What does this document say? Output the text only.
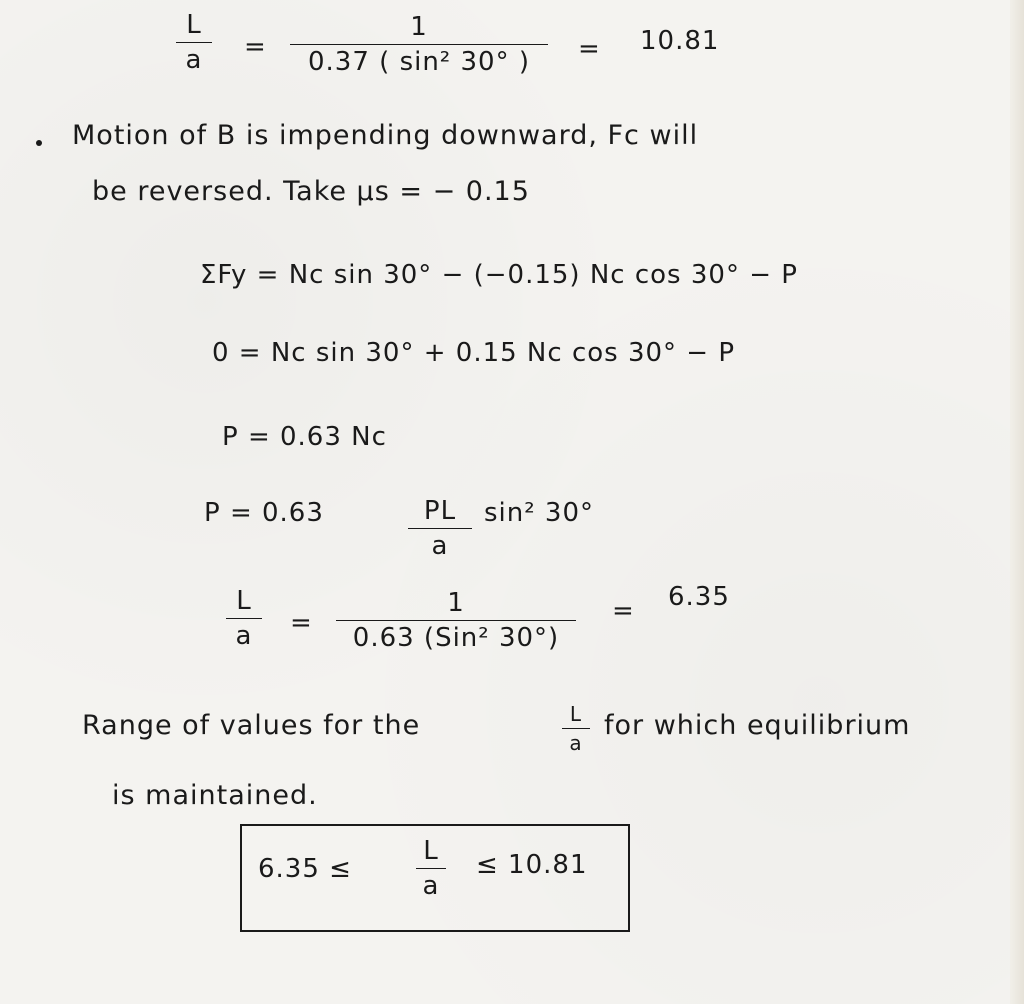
L
a	=
1
0.37 ( sin² 30° )	= 10.81
Motion of B is impending downward, Fc will
be reversed. Take μs = − 0.15
ΣFy = Nc sin 30° − (−0.15) Nc cos 30° − P
0 = Nc sin 30° + 0.15 Nc cos 30° − P
P = 0.63 Nc
P = 0.63	PL
a
sin² 30°
L
a	=
1
0.63 (Sin² 30°)
= 6.35
Range of values for the	L
a
for which equilibrium
is maintained.
6.35 ≤
L
a
≤ 10.81
